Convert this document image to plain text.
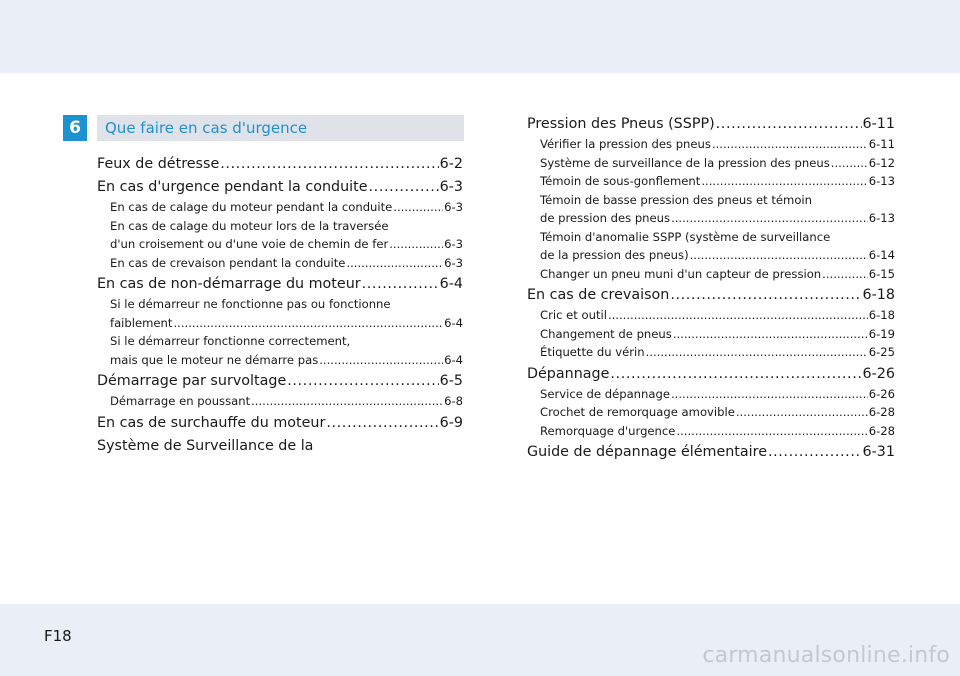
6	Que faire en cas d'urgence
Feux de détresse .....	6-2
En cas d'urgence pendant la conduite .....	6-3
En cas de calage du moteur pendant la conduite .....	6-3
En cas de calage du moteur lors de la traversée
d'un croisement ou d'une voie de chemin de fer .....	6-3
En cas de crevaison pendant la conduite .....	6-3
En cas de non-démarrage du moteur .....	6-4
Si le démarreur ne fonctionne pas ou fonctionne
faiblement .....	6-4
Si le démarreur fonctionne correctement,
mais que le moteur ne démarre pas .....	6-4
Démarrage par survoltage .....	6-5
Démarrage en poussant .....	6-8
En cas de surchauffe du moteur .....	6-9
Système de Surveillance de la
Pression des Pneus (SSPP) .....	6-11
Vérifier la pression des pneus .....	6-11
Système de surveillance de la pression des pneus .....	6-12
Témoin de sous-gonflement .....	6-13
Témoin de basse pression des pneus et témoin
de pression des pneus .....	6-13
Témoin d'anomalie SSPP (système de surveillance
de la pression des pneus) .....	6-14
Changer un pneu muni d'un capteur de pression .....	6-15
En cas de crevaison .....	6-18
Cric et outil .....	6-18
Changement de pneus .....	6-19
Étiquette du vérin .....	6-25
Dépannage .....	6-26
Service de dépannage .....	6-26
Crochet de remorquage amovible .....	6-28
Remorquage d'urgence .....	6-28
Guide de dépannage élémentaire .....	6-31
F18
carmanualsonline.info
